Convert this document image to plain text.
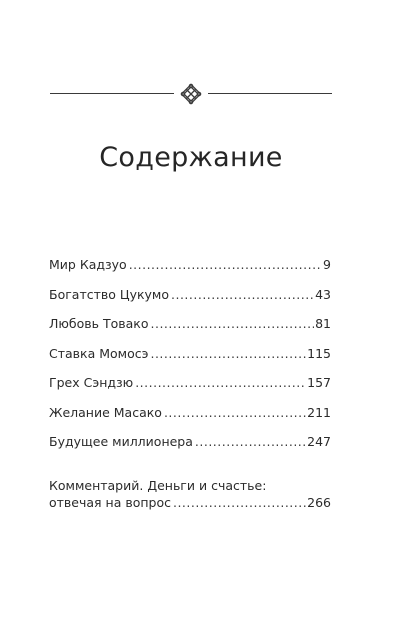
Содержание
Мир Кадзуо .....	9
Богатство Цукумо .....	43
Любовь Товако .....	81
Ставка Момосэ .....	115
Грех Сэндзю .....	157
Желание Масако .....	211
Будущее миллионера .....	247
Комментарий. Деньги и счастье:
отвечая на вопрос .....	266
